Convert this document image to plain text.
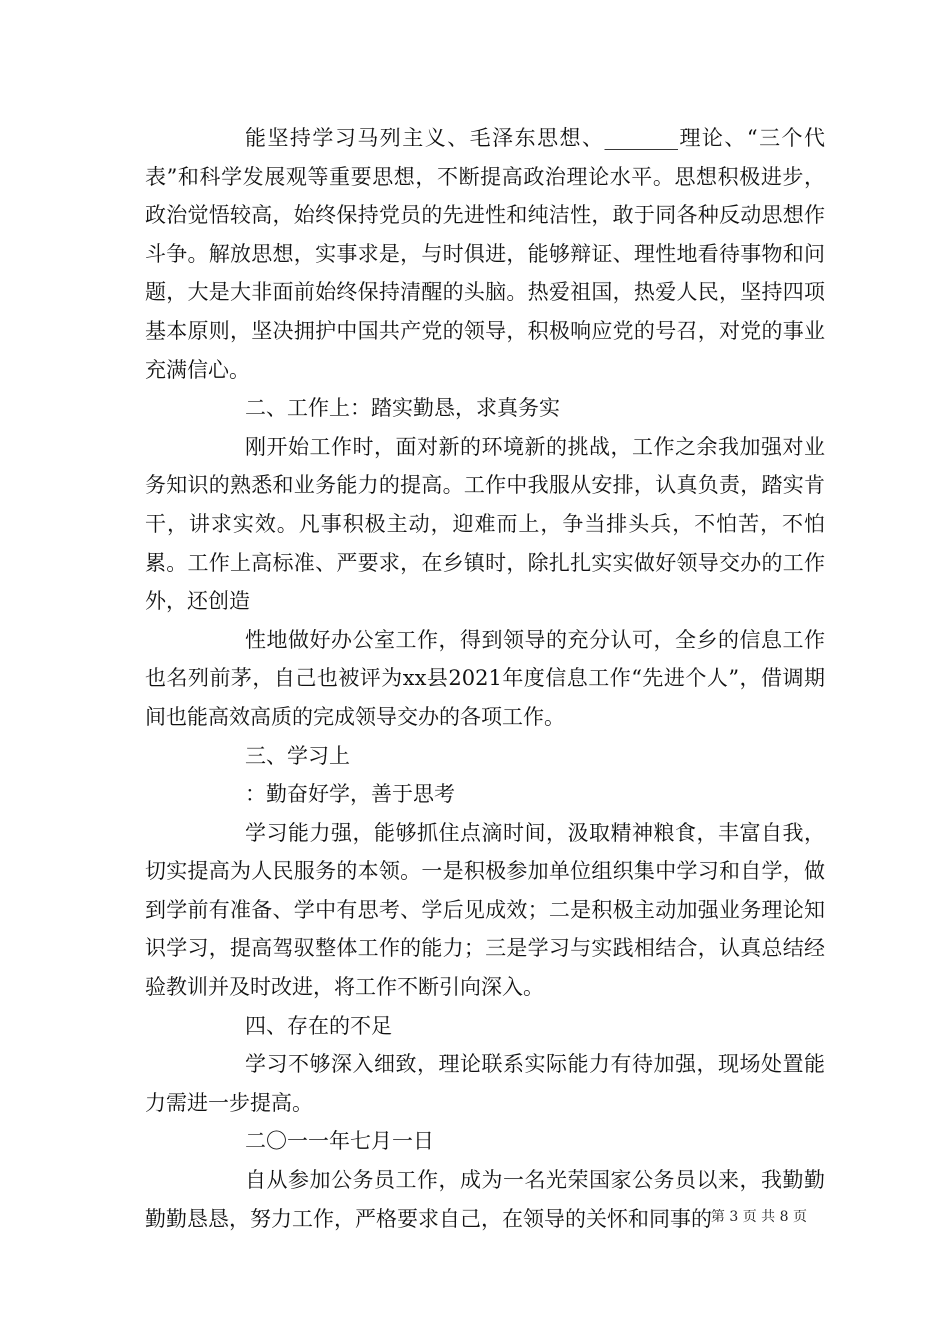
能坚持学习马列主义、毛泽东思想、_______理论、“三个代表”和科学发展观等重要思想，不断提高政治理论水平。思想积极进步，政治觉悟较高，始终保持党员的先进性和纯洁性，敢于同各种反动思想作斗争。解放思想，实事求是，与时俱进，能够辩证、理性地看待事物和问题，大是大非面前始终保持清醒的头脑。热爱祖国，热爱人民，坚持四项基本原则，坚决拥护中国共产党的领导，积极响应党的号召，对党的事业充满信心。

二、工作上：踏实勤恳，求真务实

刚开始工作时，面对新的环境新的挑战，工作之余我加强对业务知识的熟悉和业务能力的提高。工作中我服从安排，认真负责，踏实肯干，讲求实效。凡事积极主动，迎难而上，争当排头兵，不怕苦，不怕累。工作上高标准、严要求，在乡镇时，除扎扎实实做好领导交办的工作外，还创造

性地做好办公室工作，得到领导的充分认可，全乡的信息工作也名列前茅，自己也被评为xx县2021年度信息工作“先进个人”，借调期间也能高效高质的完成领导交办的各项工作。

三、学习上

：勤奋好学，善于思考

学习能力强，能够抓住点滴时间，汲取精神粮食，丰富自我，切实提高为人民服务的本领。一是积极参加单位组织集中学习和自学，做到学前有准备、学中有思考、学后见成效；二是积极主动加强业务理论知识学习，提高驾驭整体工作的能力；三是学习与实践相结合，认真总结经验教训并及时改进，将工作不断引向深入。

四、存在的不足

学习不够深入细致，理论联系实际能力有待加强，现场处置能力需进一步提高。

二〇一一年七月一日

自从参加公务员工作，成为一名光荣国家公务员以来，我勤勤勤勤恳恳，努力工作，严格要求自己，在领导的关怀和同事的

第 3 页 共 8 页
